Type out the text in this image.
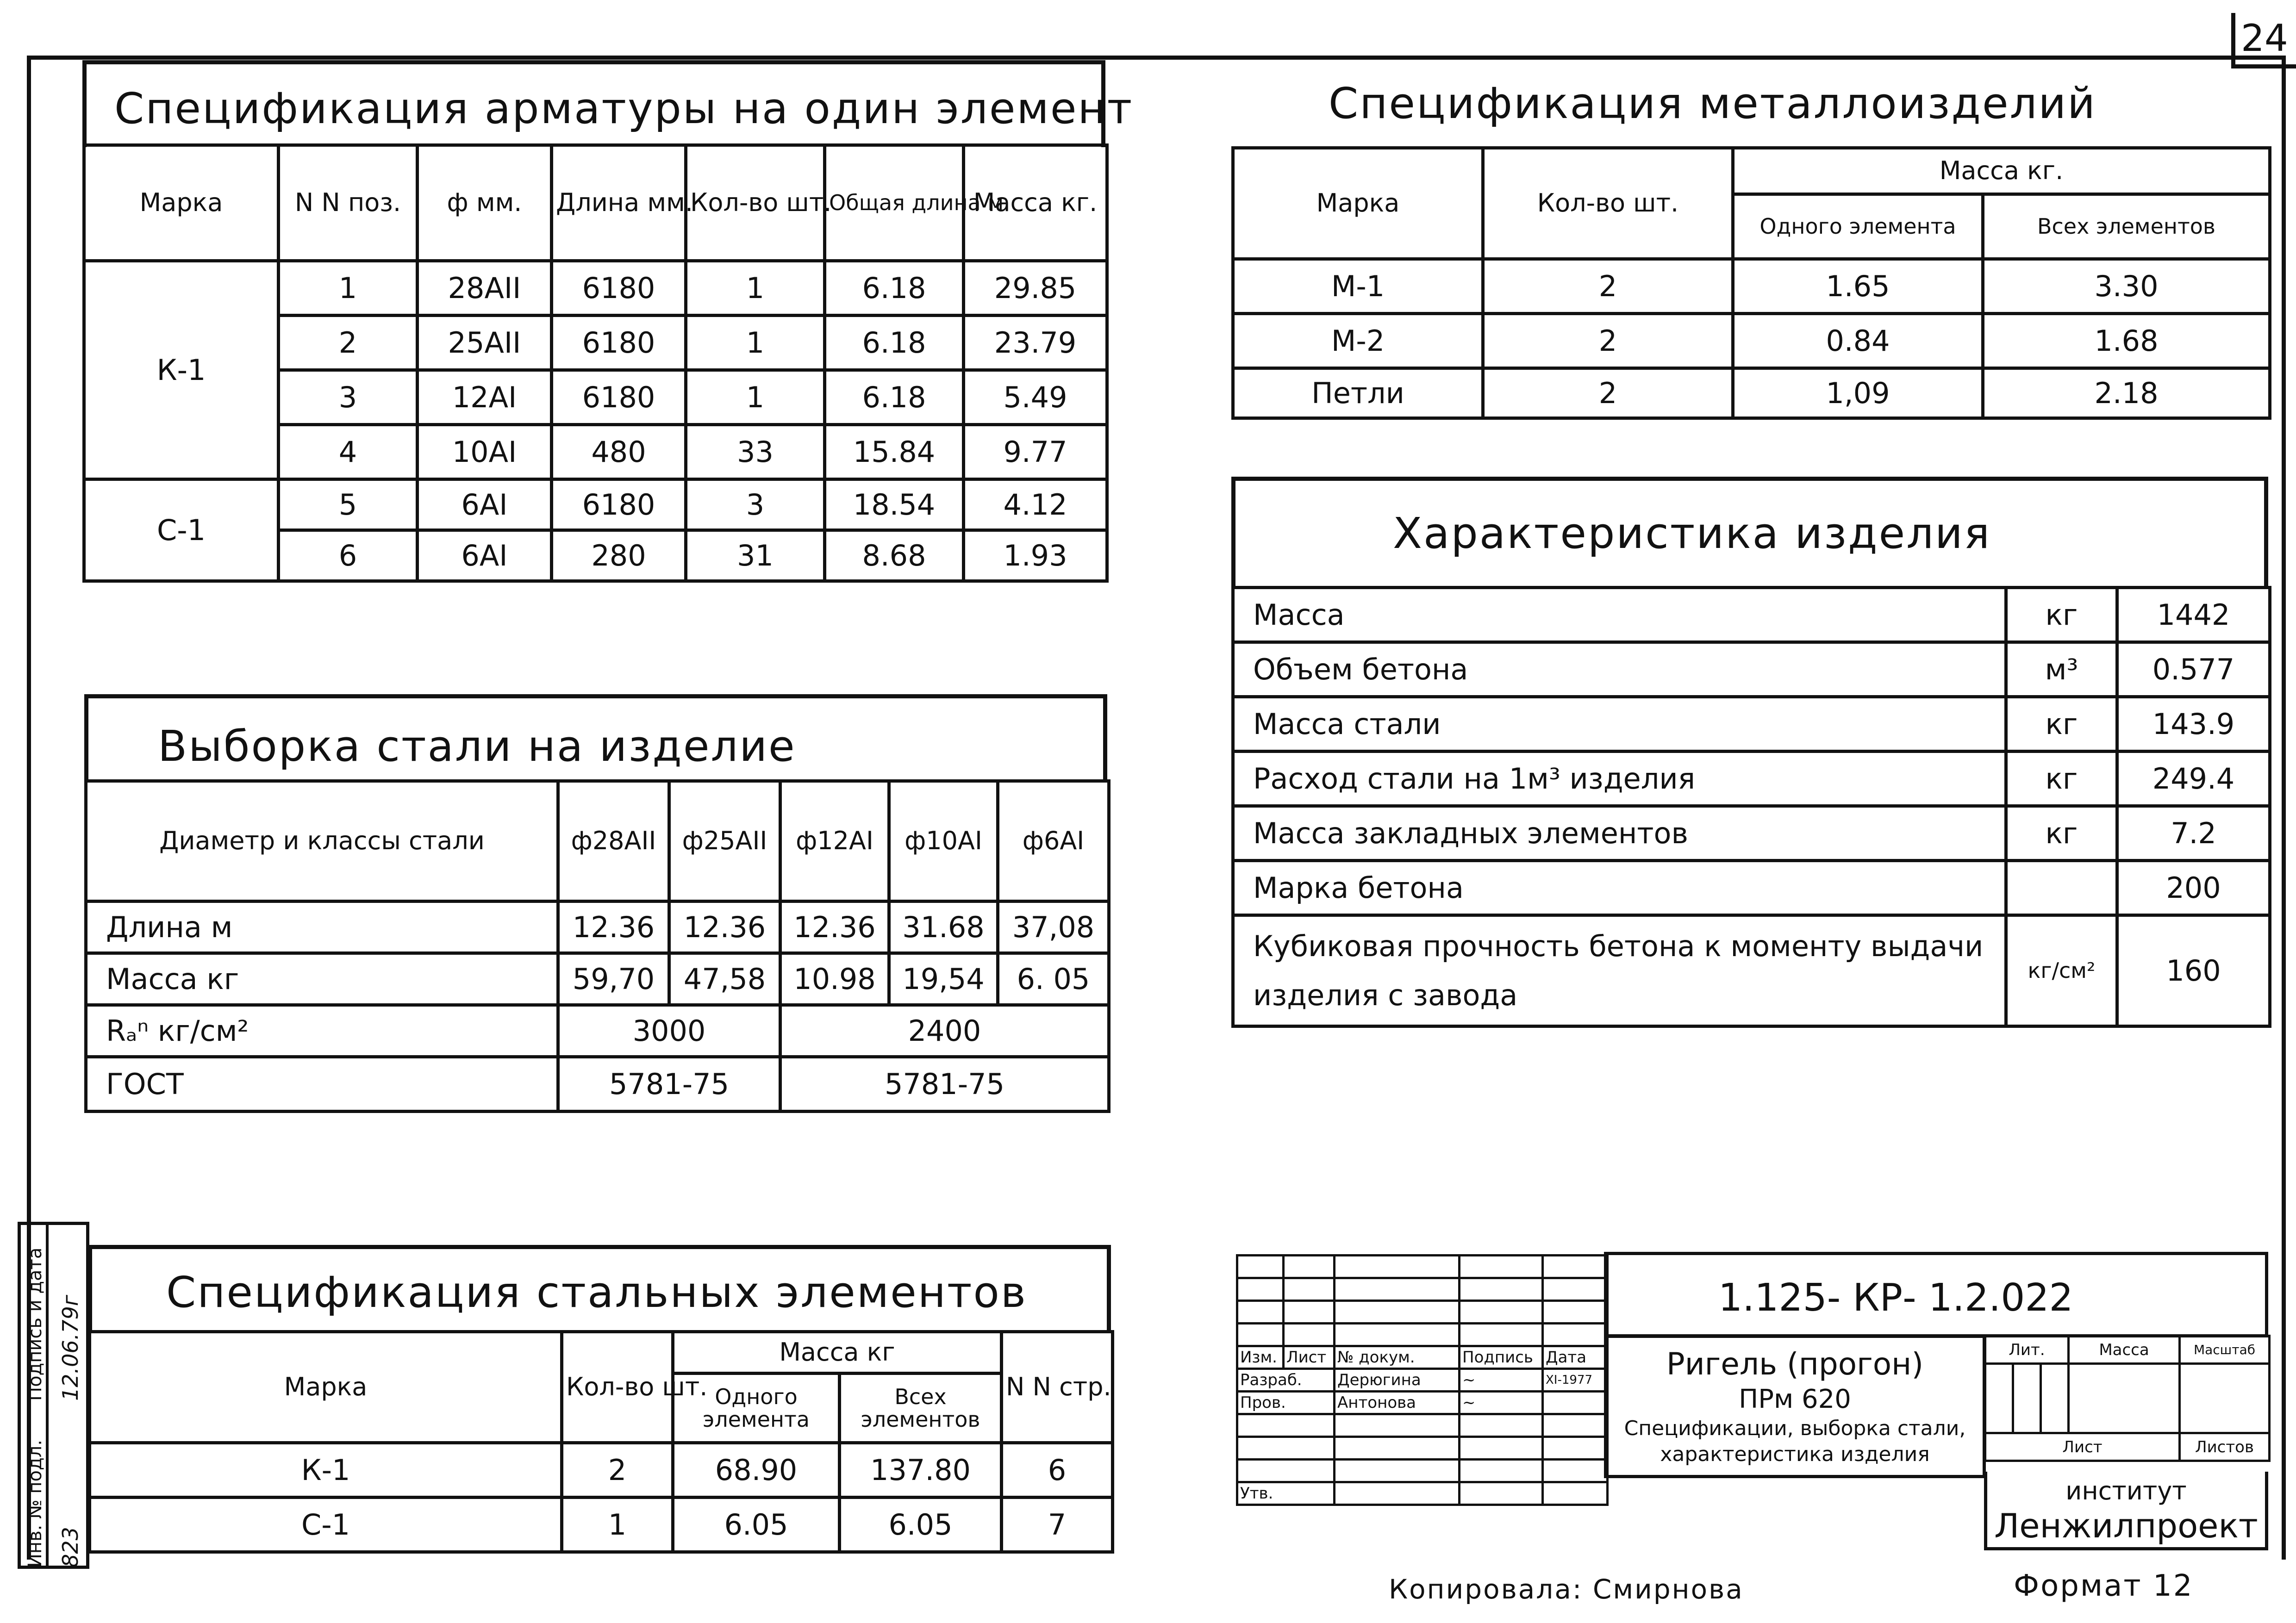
24
Спецификация арматуры на один элемент
Марка	N N поз.	ф мм.	Длина мм.	Кол-во шт.	Общая длина м	Масса кг.
К-1	1	28АII	6180	1	6.18	29.85
	2	25АII	6180	1	6.18	23.79
	3	12АI	6180	1	6.18	5.49
	4	10АI	480	33	15.84	9.77
С-1	5	6АI	6180	3	18.54	4.12
	6	6АI	280	31	8.68	1.93
Спецификация металлоизделий
Марка	Кол-во шт.	Масса кг.	
		Одного элемента	Всех элементов
М-1	2	1.65	3.30
М-2	2	0.84	1.68
Петли	2	1,09	2.18
Характеристика изделия
Масса	кг	1442
Объем бетона	м³	0.577
Масса стали	кг	143.9
Расход стали на 1м³ изделия	кг	249.4
Масса закладных элементов	кг	7.2
Марка бетона		200
Кубиковая прочность бетона к моменту выдачи изделия с завода	кг/см²	160
Выборка стали на изделие
Диаметр и классы стали	ф28АII	ф25АII	ф12АI	ф10АI	ф6АI
Длина м	12.36	12.36	12.36	31.68	37,08
Масса кг	59,70	47,58	10.98	19,54	6. 05
Rₐⁿ кг/см²	3000		2400		
ГОСТ	5781-75		5781-75		
Спецификация стальных элементов
Марка	Кол-во шт.	Масса кг		N N стр.
		Одного элемента	Всех элементов	
К-1	2	68.90	137.80	6
С-1	1	6.05	6.05	7
Инв. № подл.
Подпись и дата
823
12.06.79г

					Изм.	Лист	№ докум.	Подпись	Дата
Разраб.		Дерюгина	~	XI-1977
Пров.		Антонова	~	

Утв.				
1.125- КР- 1.2.022
Ригель (прогон)
ПРм 620
Спецификации, выборка стали,
характеристика изделия
Лит.			Масса	Масштаб

Лист				Листов
институт
Ленжилпроект
Копировала: Смирнова	Формат 12
